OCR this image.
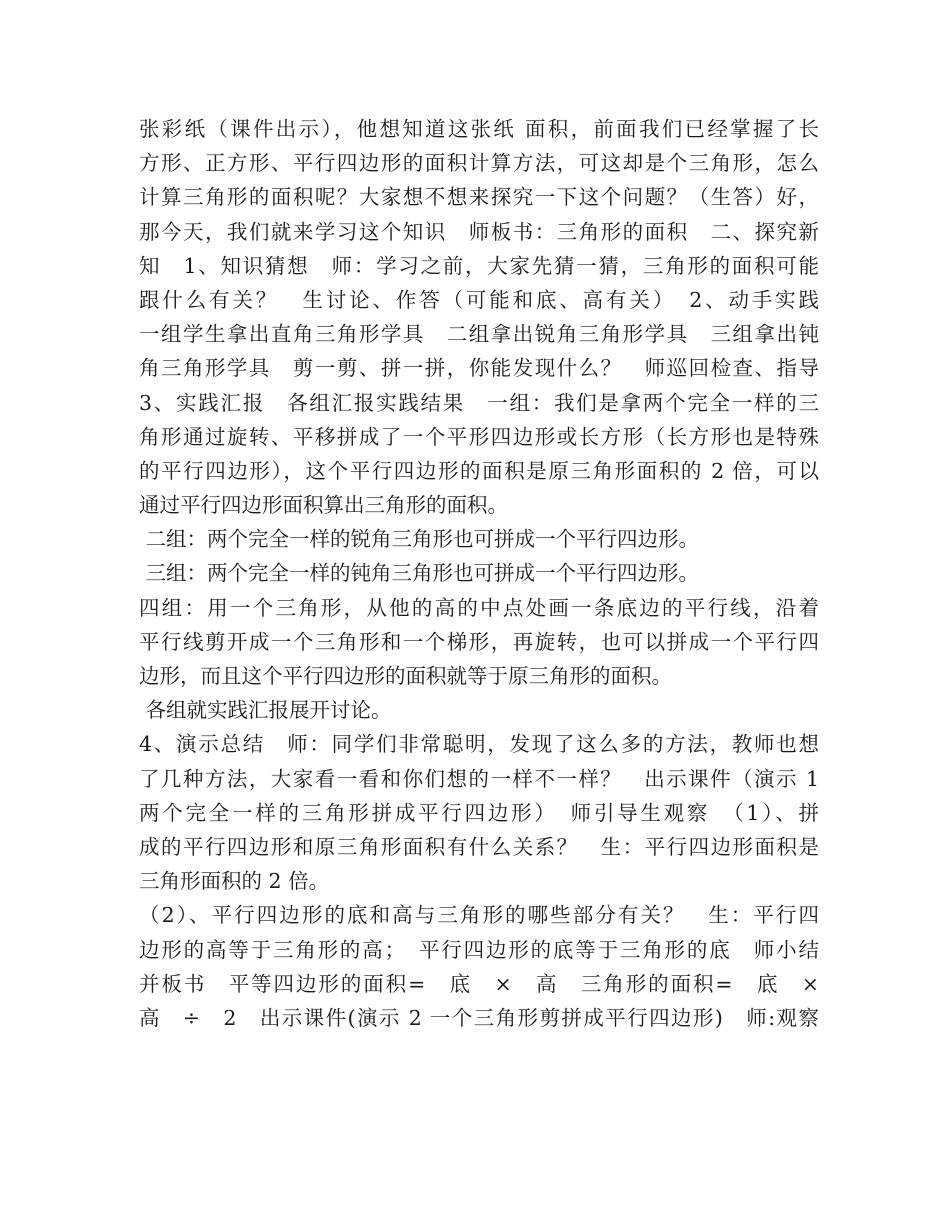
张彩纸（课件出示），他想知道这张纸 面积，前面我们已经掌握了长
方形、正方形、平行四边形的面积计算方法，可这却是个三角形，怎么
计算三角形的面积呢？大家想不想来探究一下这个问题？（生答）好，
那今天，我们就来学习这个知识　师板书：三角形的面积　二、探究新
知　1、知识猜想　师：学习之前，大家先猜一猜，三角形的面积可能
跟什么有关？　生讨论、作答（可能和底、高有关）　2、动手实践
一组学生拿出直角三角形学具　二组拿出锐角三角形学具　三组拿出钝
角三角形学具　剪一剪、拼一拼，你能发现什么？　师巡回检查、指导
3、实践汇报　各组汇报实践结果　一组：我们是拿两个完全一样的三
角形通过旋转、平移拼成了一个平形四边形或长方形（长方形也是特殊
的平行四边形），这个平行四边形的面积是原三角形面积的 2 倍，可以
通过平行四边形面积算出三角形的面积。
二组：两个完全一样的锐角三角形也可拼成一个平行四边形。
三组：两个完全一样的钝角三角形也可拼成一个平行四边形。
四组：用一个三角形，从他的高的中点处画一条底边的平行线，沿着
平行线剪开成一个三角形和一个梯形，再旋转，也可以拼成一个平行四
边形，而且这个平行四边形的面积就等于原三角形的面积。
各组就实践汇报展开讨论。
4、演示总结　师：同学们非常聪明，发现了这么多的方法，教师也想
了几种方法，大家看一看和你们想的一样不一样？　出示课件（演示 1
两个完全一样的三角形拼成平行四边形）　师引导生观察　（1）、拼
成的平行四边形和原三角形面积有什么关系？　生：平行四边形面积是
三角形面积的 2 倍。
（2）、平行四边形的底和高与三角形的哪些部分有关？　生：平行四
边形的高等于三角形的高；　平行四边形的底等于三角形的底　师小结
并板书　平等四边形的面积=　底　×　高　三角形的面积=　底　×
高　÷　2　出示课件(演示 2 一个三角形剪拼成平行四边形)　师:观察
